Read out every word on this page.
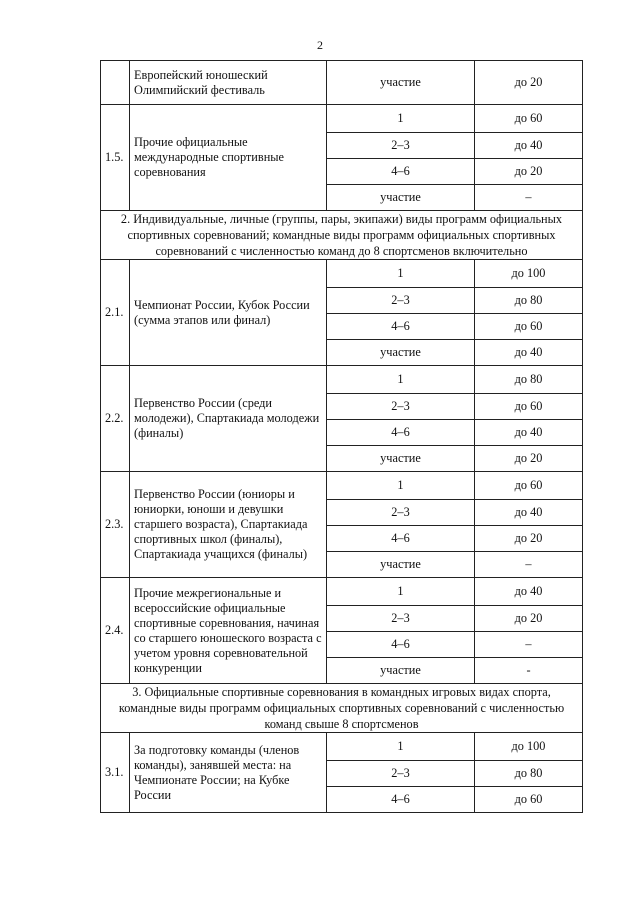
2
	Европейский юношеский Олимпийский фестиваль	участие	до 20
1.5.	Прочие официальные международные спортивные соревнования	1	до 60
		2–3	до 40
		4–6	до 20
		участие	–
2. Индивидуальные, личные (группы, пары, экипажи) виды программ официальных спортивных соревнований; командные виды программ официальных спортивных соревнований с численностью команд до 8 спортсменов включительно			
2.1.	Чемпионат России, Кубок России (сумма этапов или финал)	1	до 100
		2–3	до 80
		4–6	до 60
		участие	до 40
2.2.	Первенство России (среди молодежи), Спартакиада молодежи (финалы)	1	до 80
		2–3	до 60
		4–6	до 40
		участие	до 20
2.3.	Первенство России (юниоры и юниорки, юноши и девушки старшего возраста), Спартакиада спортивных школ (финалы), Спартакиада учащихся (финалы)	1	до 60
		2–3	до 40
		4–6	до 20
		участие	–
2.4.	Прочие межрегиональные и всероссийские официальные спортивные соревнования, начиная со старшего юношеского возраста с учетом уровня соревновательной конкуренции	1	до 40
		2–3	до 20
		4–6	–
		участие	-
3. Официальные спортивные соревнования в командных игровых видах спорта, командные виды программ официальных спортивных соревнований с численностью команд свыше 8 спортсменов			
3.1.	За подготовку команды (членов команды), занявшей места: на Чемпионате России; на Кубке России	1	до 100
		2–3	до 80
		4–6	до 60
